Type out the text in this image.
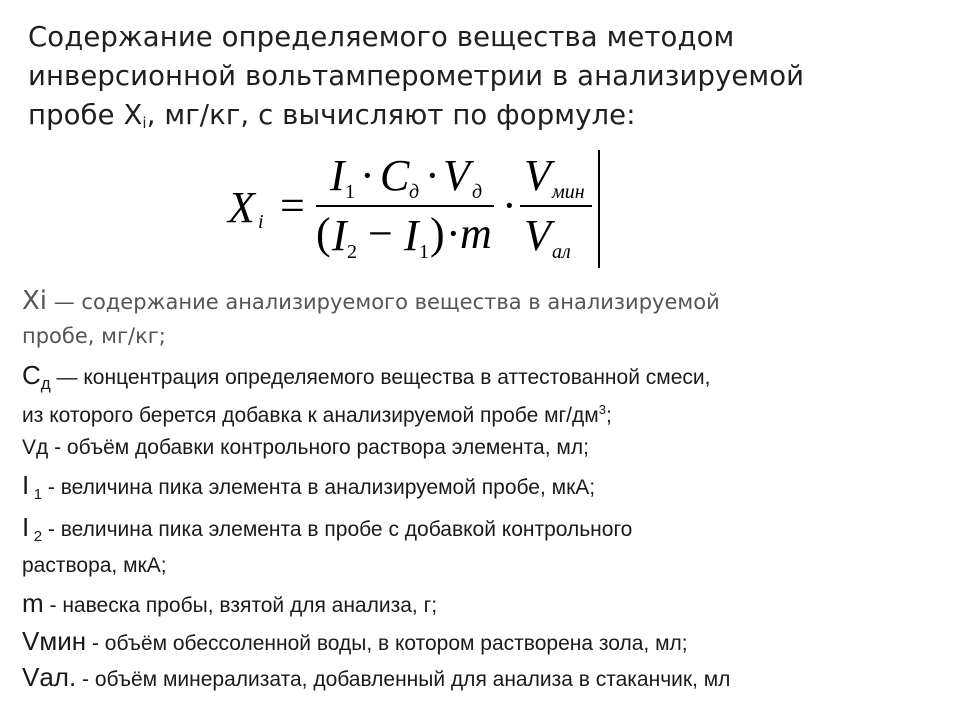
Содержание определяемого вещества методом
инверсионной вольтамперометрии в анализируемой
пробе $X_i$, мг/кг, с вычисляют по формуле:
X i =
I 1 · C д · V д
( I 2 − I 1 ) · m
·
V мин
V ал
Xi — содержание анализируемого вещества в анализируемой
пробе, мг/кг;
Сд — концентрация определяемого вещества в аттестованной смеси,
из которого берется добавка к анализируемой пробе $мг/дм^3$;
Vд - объём добавки контрольного раствора элемента, мл;
I 1 - величина пика элемента в анализируемой пробе, мкА;
I 2 - величина пика элемента в пробе с добавкой контрольного
раствора, мкА;
m - навеска пробы, взятой для анализа, г;
Vмин - объём обессоленной воды, в котором растворена зола, мл;
Vал. - объём минерализата, добавленный для анализа в стаканчик, мл
